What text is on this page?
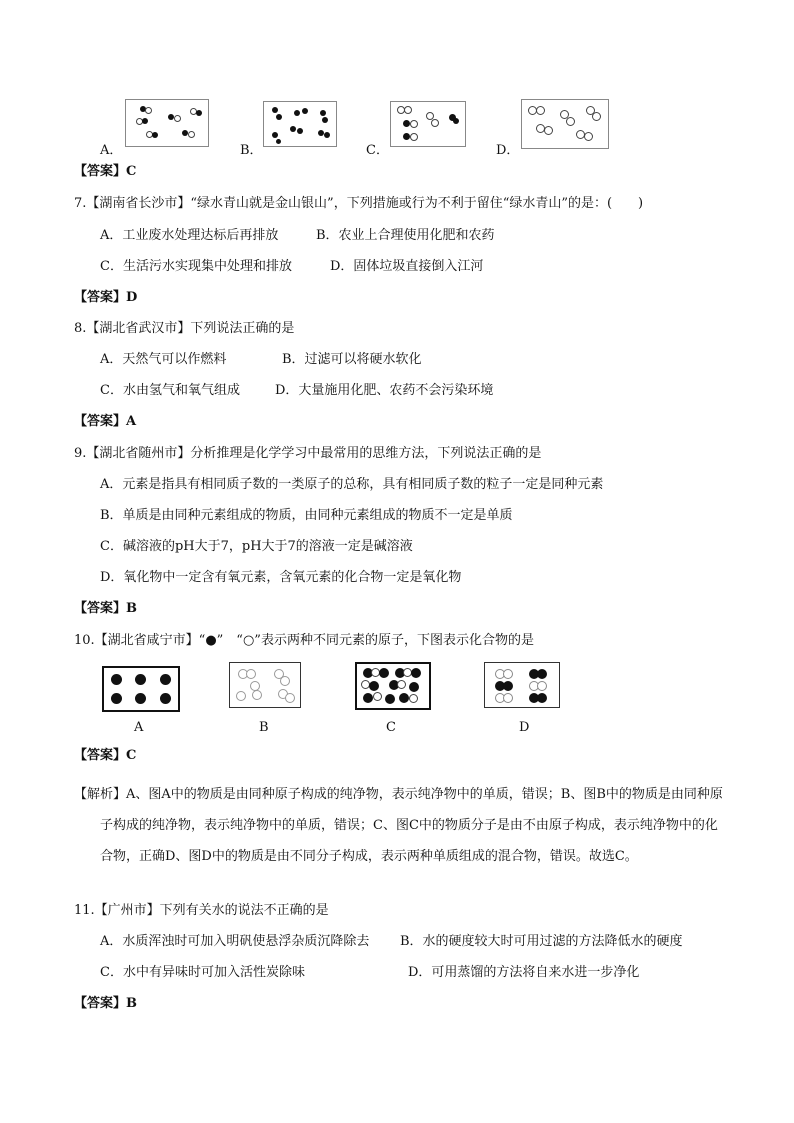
A．	B．	C．	D．
【答案】C
7.【湖南省长沙市】“绿水青山就是金山银山”，下列措施或行为不利于留住“绿水青山”的是：(　　)
A．工业废水处理达标后再排放	B．农业上合理使用化肥和农药
C．生活污水实现集中处理和排放	D．固体垃圾直接倒入江河
【答案】D
8.【湖北省武汉市】下列说法正确的是
A．天然气可以作燃料	B．过滤可以将硬水软化
C．水由氢气和氧气组成	D．大量施用化肥、农药不会污染环境
【答案】A
9.【湖北省随州市】分析推理是化学学习中最常用的思维方法，下列说法正确的是
A．元素是指具有相同质子数的一类原子的总称，具有相同质子数的粒子一定是同种元素
B．单质是由同种元素组成的物质，由同种元素组成的物质不一定是单质
C．碱溶液的pH大于7，pH大于7的溶液一定是碱溶液
D．氧化物中一定含有氧元素，含氧元素的化合物一定是氧化物
【答案】B
10.【湖北省咸宁市】“●”　“○”表示两种不同元素的原子，下图表示化合物的是
A	B	C	D
【答案】C
【解析】A、图A中的物质是由同种原子构成的纯净物，表示纯净物中的单质，错误；B、图B中的物质是由同种原子构成的纯净物，表示纯净物中的单质，错误；C、图C中的物质分子是由不由原子构成，表示纯净物中的化合物，正确D、图D中的物质是由不同分子构成，表示两种单质组成的混合物，错误。故选C。
11.【广州市】下列有关水的说法不正确的是
A．水质浑浊时可加入明矾使悬浮杂质沉降除去 B．水的硬度较大时可用过滤的方法降低水的硬度
C．水中有异味时可加入活性炭除味	D．可用蒸馏的方法将自来水进一步净化
【答案】B
